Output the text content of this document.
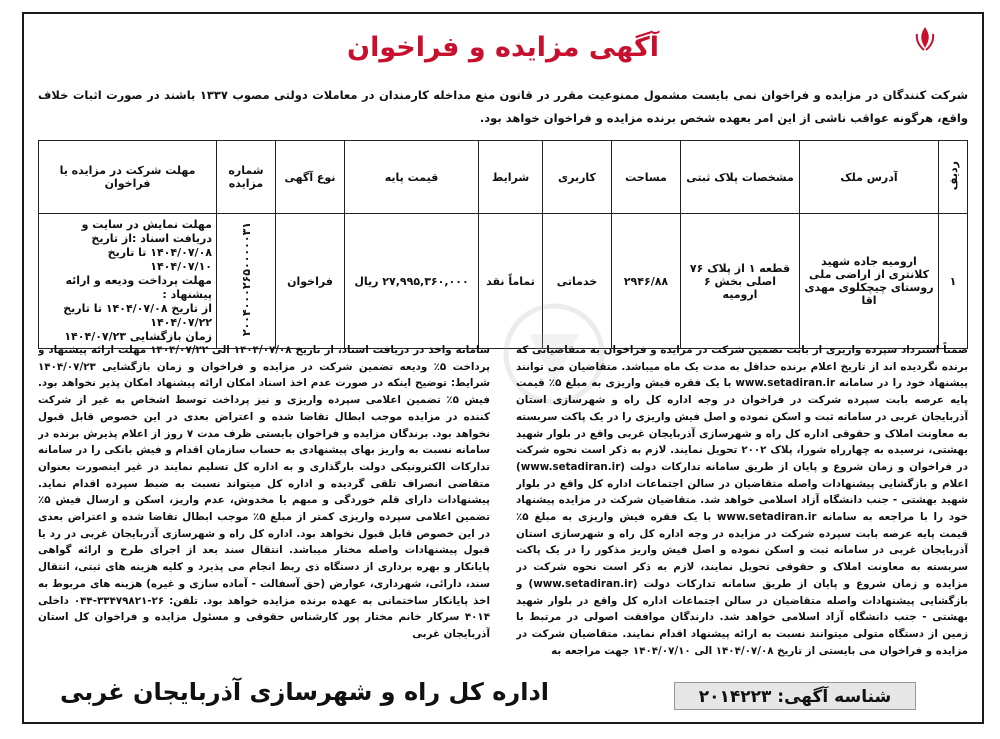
آگهی مزایده و فراخوان
شرکت کنندگان در مزایده و فراخوان نمی بایست مشمول ممنوعیت مقرر در قانون منع مداخله کارمندان در معاملات دولتی مصوب ۱۳۳۷ باشند در صورت اثبات خلاف واقع، هرگونه عواقب ناشی از این امر بعهده شخص برنده مزایده و فراخوان خواهد بود.
ردیف	آدرس ملک	مشخصات پلاک ثبتی	مساحت	کاربری	شرایط	قیمت پایه	نوع آگهی	شماره مزایده	مهلت شرکت در مزایده یا فراخوان
۱	ارومیه جاده شهید کلانتری از اراضی ملی روستای چیچکلوی مهدی اقا	قطعه ۱ از پلاک ۷۶ اصلی بخش ۶ ارومیه	۲۹۴۶/۸۸	خدماتی	تماماً نقد	۲۷,۹۹۵,۳۶۰,۰۰۰ ریال	فراخوان	۲۰۰۴۰۰۰۲۶۵۰۰۰۰۰۳۱	مهلت نمایش در سایت و دریافت اسناد :از تاریخ ۱۴۰۴/۰۷/۰۸ تا تاریخ ۱۴۰۴/۰۷/۱۰
مهلت پرداخت ودیعه و ارائه پیشنهاد :
از تاریخ ۱۴۰۴/۰۷/۰۸ تا تاریخ ۱۴۰۴/۰۷/۲۲
زمان بازگشایی ۱۴۰۴/۰۷/۲۳
ضمناً استرداد سپرده واریزی از بابت تضمین شرکت در مزایده و فراخوان به متقاضیانی که برنده نگردیده اند از تاریخ اعلام برنده حداقل به مدت یک ماه میباشد. متقاضیان می توانند پیشنهاد خود را در سامانه www.setadiran.ir با یک فقره فیش واریزی به مبلغ ۵٪ قیمت پایه عرصه بابت سپرده شرکت در فراخوان در وجه اداره کل راه و شهرسازی استان آذربایجان غربی در سامانه ثبت و اسکن نموده و اصل فیش واریزی را در یک پاکت سربسته به معاونت املاک و حقوقی اداره کل راه و شهرسازی آذربایجان غربی واقع در بلوار شهید بهشتی، نرسیده به چهارراه شورا، پلاک ۲۰۰۲ تحویل نمایند. لازم به ذکر است نحوه شرکت در فراخوان و زمان شروع و پایان از طریق سامانه تدارکات دولت (www.setadiran.ir) اعلام و بازگشایی پیشنهادات واصله متقاضیان در سالن اجتماعات اداره کل واقع در بلوار شهید بهشتی - جنب دانشگاه آزاد اسلامی خواهد شد. متقاضیان شرکت در مزایده پیشنهاد خود را با مراجعه به سامانه www.setadiran.ir با یک فقره فیش واریزی به مبلغ ۵٪ قیمت پایه عرصه بابت سپرده شرکت در مزایده در وجه اداره کل راه و شهرسازی استان آذربایجان غربی در سامانه ثبت و اسکن نموده و اصل فیش واریز مذکور را در یک پاکت سربسته به معاونت املاک و حقوقی تحویل نمایند، لازم به ذکر است نحوه شرکت در مزایده و زمان شروع و پایان از طریق سامانه تدارکات دولت (www.setadiran.ir) و بازگشایی پیشنهادات واصله متقاضیان در سالن اجتماعات اداره کل واقع در بلوار شهید بهشتی - جنب دانشگاه آزاد اسلامی خواهد شد. دارندگان موافقت اصولی در مرتبط با زمین از دستگاه متولی میتوانند نسبت به ارائه پیشنهاد اقدام نمایند. متقاضیان شرکت در مزایده و فراخوان می بایستی از تاریخ ۱۴۰۴/۰۷/۰۸ الی ۱۴۰۴/۰۷/۱۰ جهت مراجعه به
سامانه واخذ در دریافت اسناد، از تاریخ ۱۴۰۴/۰۷/۰۸ الی ۱۴۰۴/۰۷/۲۲ مهلت ارائه پیشنهاد و پرداخت ۵٪ ودیعه تضمین شرکت در مزایده و فراخوان و زمان بازگشایی ۱۴۰۴/۰۷/۲۳ شرایط: توضیح اینکه در صورت عدم اخذ اسناد امکان ارائه پیشنهاد امکان پذیر نخواهد بود. فیش ۵٪ تضمین اعلامی سپرده واریزی و نیز پرداخت توسط اشخاص به غیر از شرکت کننده در مزایده موجب ابطال تقاضا شده و اعتراض بعدی در این خصوص قابل قبول نخواهد بود. برندگان مزایده و فراخوان بایستی ظرف مدت ۷ روز از اعلام پذیرش برنده در سامانه نسبت به واریز بهای پیشنهادی به حساب سازمان اقدام و فیش بانکی را در سامانه تدارکات الکترونیکی دولت بارگذاری و به اداره کل تسلیم نمایند در غیر اینصورت بعنوان متقاضی انصراف تلقی گردیده و اداره کل میتواند نسبت به ضبط سپرده اقدام نماید. پیشنهادات دارای قلم خوردگی و مبهم یا مخدوش، عدم واریز، اسکن و ارسال فیش ۵٪ تضمین اعلامی سپرده واریزی کمتر از مبلغ ۵٪ موجب ابطال تقاضا شده و اعتراض بعدی در این خصوص قابل قبول نخواهد بود. اداره کل راه و شهرسازی آذربایجان غربی در رد یا قبول پیشنهادات واصله مختار میباشد. انتقال سند بعد از اجرای طرح و ارائه گواهی پایانکار و بهره برداری از دستگاه ذی ربط انجام می پذیرد و کلیه هزینه های ثبتی، انتقال سند، دارائی، شهرداری، عوارض (حق آسفالت - آماده سازی و غیره) هزینه های مربوط به اخذ پایانکار ساختمانی به عهده برنده مزایده خواهد بود. تلفن: ۲۶-۳۳۴۷۹۸۲۱-۰۴۴ داخلی ۴۰۱۴ سرکار خانم مختار پور کارشناس حقوقی و مسئول مزایده و فراخوان کل استان آذربایجان غربی
شناسه آگهی: ۲۰۱۴۲۲۳
اداره کل راه و شهرسازی آذربایجان غربی
